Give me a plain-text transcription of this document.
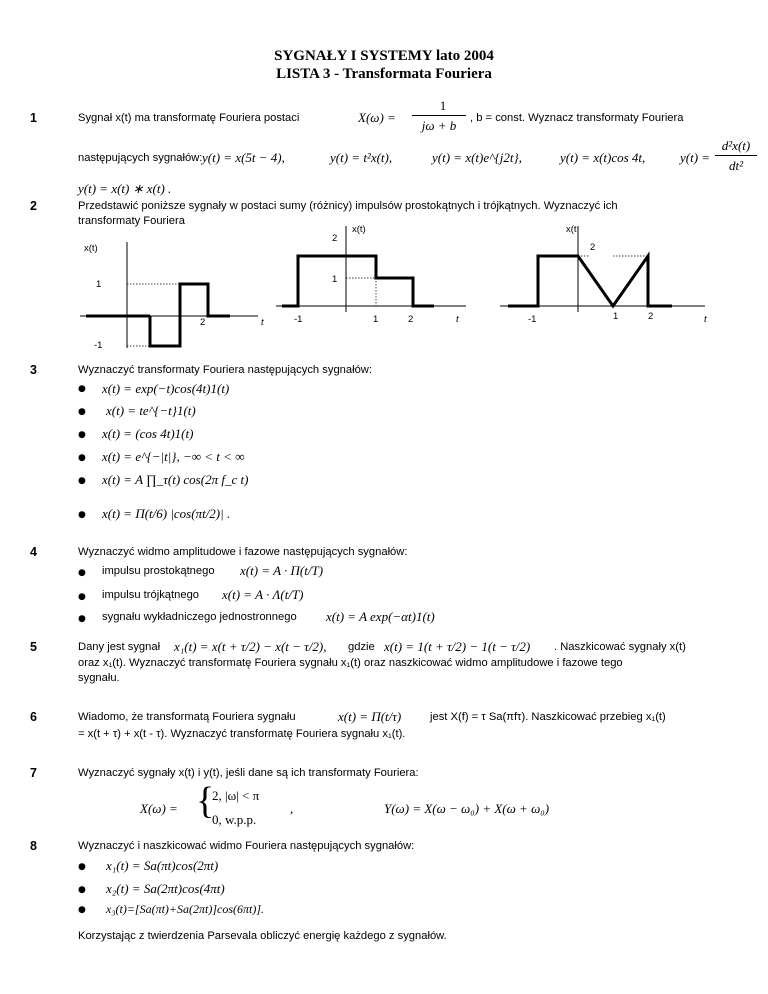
SYGNAŁY I SYSTEMY lato 2004
LISTA 3 - Transformata Fouriera
1	Sygnał x(t) ma transformatę Fouriera postaci	X(ω) =
1
jω + b	, b = const. Wyznacz transformaty Fouriera
następujących sygnałów: y(t) = x(5t − 4),	y(t) = t²x(t),	y(t) = x(t)e^{j2t},	y(t) = x(t)cos 4t,	y(t) =
d²x(t)
dt²
y(t) = x(t) ∗ x(t) .
2	Przedstawić poniższe sygnały w postaci sumy (różnicy) impulsów prostokątnych i trójkątnych. Wyznaczyć ich
transformaty Fouriera
x(t)
1
2	t
-1
2
x(t)
1
-1	1	2	t
x(t
2
-1	1	2	t
3	Wyznaczyć transformaty Fouriera następujących sygnałów:
● x(t) = exp(−t)cos(4t)1(t)
● x(t) = te^{−t}1(t)
● x(t) = (cos 4t)1(t)
● x(t) = e^{−|t|}, −∞ < t < ∞
● x(t) = A ∏_τ(t) cos(2π f_c t)
● x(t) = Π(t/6) |cos(πt/2)| .
4	Wyznaczyć widmo amplitudowe i fazowe następujących sygnałów:
● impulsu prostokątnego x(t) = A · Π(t/T)
● impulsu trójkątnego x(t) = A · Λ(t/T)
● sygnału wykładniczego jednostronnego x(t) = A exp(−αt)1(t)
5	Dany jest sygnał x₁(t) = x(t + τ/2) − x(t − τ/2), gdzie x(t) = 1(t + τ/2) − 1(t − τ/2) . Naszkicować sygnały x(t)
oraz x₁(t). Wyznaczyć transformatę Fouriera sygnału x₁(t) oraz naszkicować widmo amplitudowe i fazowe tego
sygnału.
6	Wiadomo, że transformatą Fouriera sygnału	x(t) = Π(t/τ)	jest X(f) = τ Sa(πfτ). Naszkicować przebieg x₁(t)
= x(t + τ) + x(t - τ). Wyznaczyć transformatę Fouriera sygnału x₁(t).
7	Wyznaczyć sygnały x(t) i y(t), jeśli dane są ich transformaty Fouriera:
X(ω) = {
2, |ω| < π
0, w.p.p.
,	Y(ω) = X(ω − ω₀) + X(ω + ω₀)
8	Wyznaczyć i naszkicować widmo Fouriera następujących sygnałów:
● x₁(t) = Sa(πt)cos(2πt)
● x₂(t) = Sa(2πt)cos(4πt)
● x₃(t)=[Sa(πt)+Sa(2πt)]cos(6πt)].
Korzystając z twierdzenia Parsevala obliczyć energię każdego z sygnałów.
